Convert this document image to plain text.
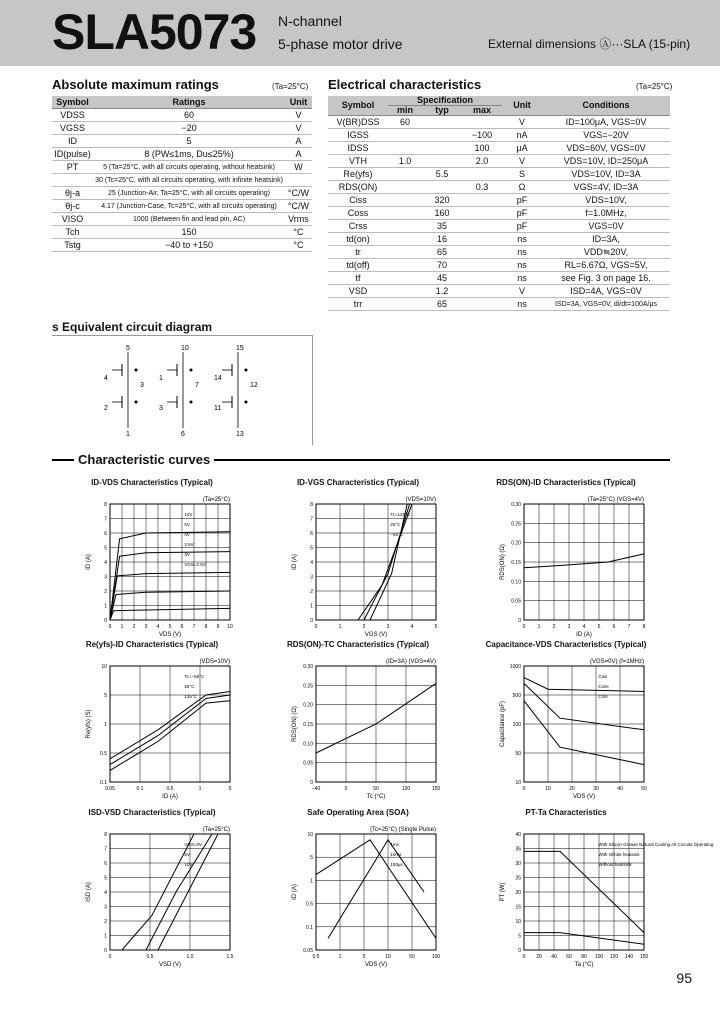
SLA5073 N-channel
5-phase motor drive	External dimensions Ⓐ···SLA (15-pin)
Absolute maximum ratings	(Ta=25°C)
Symbol	Ratings	Unit
VDSS	60	V
VGSS	−20	V
ID	5	A
ID(pulse)	8 (PW≤1ms, Du≤25%)	A
PT	5 (Ta=25°C, with all circuits operating, without heatsink)	W
	30 (Tc=25°C, with all circuits operating, with infinite heatsink)	
θj-a	25 (Junction-Air, Ta=25°C, with all circuits operating)	°C/W
θj-c	4.17 (Junction-Case, Tc=25°C, with all circuits operating)	°C/W
VISO	1000 (Between fin and lead pin, AC)	Vrms
Tch	150	°C
Tstg	−40 to +150	°C
Electrical characteristics	(Ta=25°C)
Symbol	Specification			Unit	Conditions
	min	typ	max		
V(BR)DSS	60			V	ID=100μA, VGS=0V
IGSS			−100	nA	VGS=−20V
IDSS			100	μA	VDS=60V, VGS=0V
VTH	1.0		2.0	V	VDS=10V, ID=250μA
Re(yfs)		5.5		S	VDS=10V, ID=3A
RDS(ON)			0.3	Ω	VGS=4V, ID=3A
Ciss		320		pF	VDS=10V,
Coss		160		pF	f=1.0MHz,
Crss		35		pF	VGS=0V
td(on)		16		ns	ID=3A,
tr		65		ns	VDD≒20V,
td(off)		70		ns	RL=6.67Ω, VGS=5V,
tf		45		ns	see Fig. 3 on page 16.
VSD		1.2		V	ISD=4A, VGS=0V
trr		65		ns	ISD=3A, VGS=0V, di/dt=100A/μs
s Equivalent circuit diagram
5
1
4
2
3
10
6
1
3
7
15
13
14
11
12
Characteristic curves
ID-VDS Characteristics (Typical)
(Ta=25°C)
0 1 2 3 4 5 6 7 8 9 10
0
1
2
3
4
5
6
7
8
VDS (V)
ID (A)
10V
5V
4V
3.5V
3V
VGS=2.5V
ID-VGS Characteristics (Typical)
(VDS=10V)
0	1	2	3	4	5
0
1
2
3
4
5
6
7
8
VGS (V)
ID (A)
Tc=125°C
25°C
−55°C
RDS(ON)-ID Characteristics (Typical)
(Ta=25°C) (VGS=4V)
0 1 2 3 4 5 6 7 8
0
0.05
0.10
0.15
0.20
0.25
0.30
ID (A)
RDS(ON) (Ω)
Re(yfs)-ID Characteristics (Typical)
(VDS=10V)
0.05	0.1	0.5	1	5
0.1
0.5
1
5
10
ID (A)
Re(yfs) (S)
Tc=−55°C
25°C
125°C
RDS(ON)-TC Characteristics (Typical)
(ID=3A) (VGS=4V)
−40	0	50	100	150
0
0.05
0.10
0.15
0.20
0.25
0.30
Tc (°C)
RDS(ON) (Ω)
Capacitance-VDS Characteristics (Typical)
(VGS=0V) (f=1MHz)
0	10	20	30	40	50
10
50
100
500
1000
VDS (V)
Capacitance (pF)
Ciss
Coss
Crss
ISD-VSD Characteristics (Typical)
(Ta=25°C)
0	0.5	1.0	1.5
0
1
2
3
4
5
6
7
8
VSD (V)
ISD (A)
VGS=0V
5V
10V
Safe Operating Area (SOA)
(Tc=25°C) (Single Pulse)
0.5	1	5	10	50	100
0.05
0.1
0.5
1
5
10
VDS (V)
ID (A)
1ms
10ms
100μs
PT-Ta Characteristics
0 20 40 60 80 100 120 140 150
0
5
10
15
20
25
30
35
40
Ta (°C)
PT (W)
With Silicon Grease Natural Cooling All Circuits Operating
With infinite heatsink
Without heatsink
95
